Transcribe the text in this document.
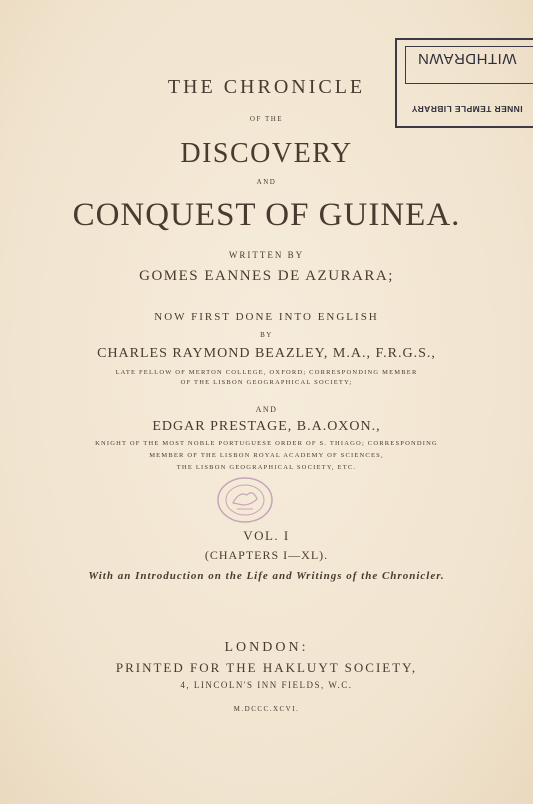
THE CHRONICLE
OF THE
DISCOVERY
AND
CONQUEST OF GUINEA.
WRITTEN BY
GOMES EANNES DE AZURARA;
NOW FIRST DONE INTO ENGLISH
BY
CHARLES RAYMOND BEAZLEY, M.A., F.R.G.S.,
LATE FELLOW OF MERTON COLLEGE, OXFORD; CORRESPONDING MEMBER
OF THE LISBON GEOGRAPHICAL SOCIETY;
AND
EDGAR PRESTAGE, B.A.OXON.,
KNIGHT OF THE MOST NOBLE PORTUGUESE ORDER OF S. THIAGO; CORRESPONDING
MEMBER OF THE LISBON ROYAL ACADEMY OF SCIENCES,
THE LISBON GEOGRAPHICAL SOCIETY, ETC.
VOL. I
(CHAPTERS I—XL).
With an Introduction on the Life and Writings of the Chronicler.
LONDON:
PRINTED FOR THE HAKLUYT SOCIETY,
4, LINCOLN'S INN FIELDS, W.C.
M.DCCC.XCVI.
WITHDRAWN
INNER TEMPLE LIBRARY
